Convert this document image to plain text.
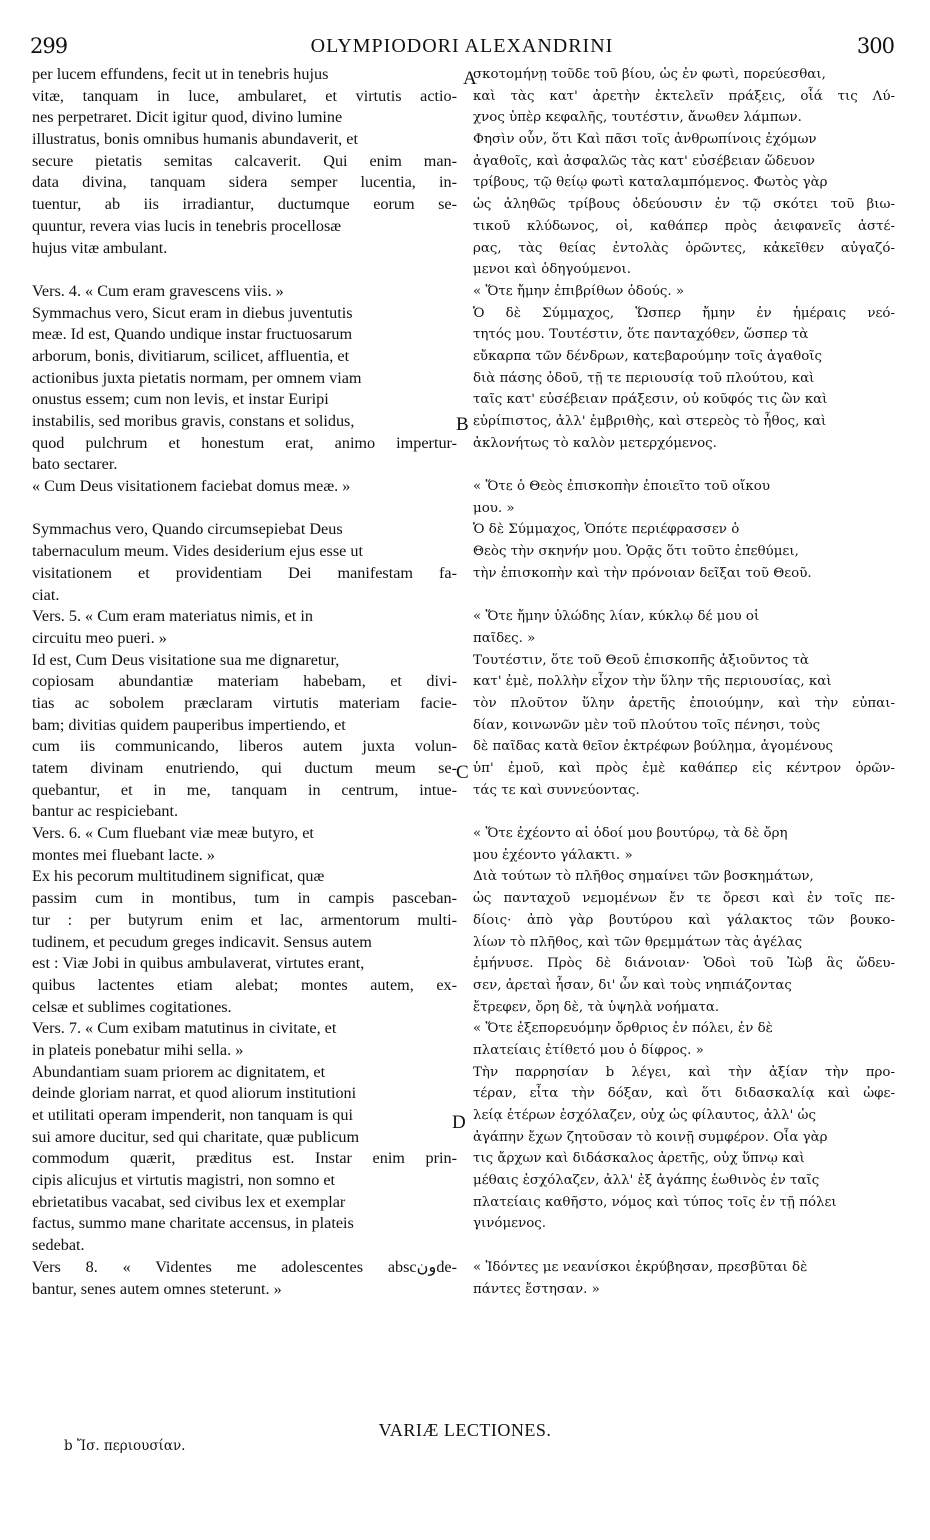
299	OLYMPIODORI ALEXANDRINI	300
per lucem effundens, fecit ut in tenebris hujus
vitæ, tanquam in luce, ambularet, et virtutis actio-
nes perpetraret. Dicit igitur quod, divino lumine
illustratus, bonis omnibus humanis abundaverit, et
secure pietatis semitas calcaverit. Qui enim man-
data divina, tanquam sidera semper lucentia, in-
tuentur, ab iis irradiantur, ductumque eorum se-
quuntur, revera vias lucis in tenebris procellosæ
hujus vitæ ambulant.
Vers. 4. « Cum eram gravescens viis. »
Symmachus vero, Sicut eram in diebus juventutis
meæ. Id est, Quando undique instar fructuosarum
arborum, bonis, divitiarum, scilicet, affluentia, et
actionibus juxta pietatis normam, per omnem viam
onustus essem; cum non levis, et instar Euripi
instabilis, sed moribus gravis, constans et solidus,
quod pulchrum et honestum erat, animo impertur-
bato sectarer.
« Cum Deus visitationem faciebat domus meæ. »
Symmachus vero, Quando circumsepiebat Deus
tabernaculum meum. Vides desiderium ejus esse ut
visitationem et providentiam Dei manifestam fa-
ciat.
Vers. 5. « Cum eram materiatus nimis, et in
circuitu meo pueri. »
Id est, Cum Deus visitatione sua me dignaretur,
copiosam abundantiæ materiam habebam, et divi-
tias ac sobolem præclaram virtutis materiam facie-
bam; divitias quidem pauperibus impertiendo, et
cum iis communicando, liberos autem juxta volun-
tatem divinam enutriendo, qui ductum meum se-
quebantur, et in me, tanquam in centrum, intue-
bantur ac respiciebant.
Vers. 6. « Cum fluebant viæ meæ butyro, et
montes mei fluebant lacte. »
Ex his pecorum multitudinem significat, quæ
passim cum in montibus, tum in campis pasceban-
tur : per butyrum enim et lac, armentorum multi-
tudinem, et pecudum greges indicavit. Sensus autem
est : Viæ Jobi in quibus ambulaverat, virtutes erant,
quibus lactentes etiam alebat; montes autem, ex-
celsæ et sublimes cogitationes.
Vers. 7. « Cum exibam matutinus in civitate, et
in plateis ponebatur mihi sella. »
Abundantiam suam priorem ac dignitatem, et
deinde gloriam narrat, et quod aliorum institutioni
et utilitati operam impenderit, non tanquam is qui
sui amore ducitur, sed qui charitate, quæ publicum
commodum quærit, præditus est. Instar enim prin-
cipis alicujus et virtutis magistri, non somno et
ebrietatibus vacabat, sed civibus lex et exemplar
factus, summo mane charitate accensus, in plateis
sedebat.
Vers 8. « Videntes me adolescentes abscونde-
bantur, senes autem omnes steterunt. »
σκοτομήνῃ τοῦδε τοῦ βίου, ὡς ἐν φωτὶ, πορεύεσθαι,
καὶ τὰς κατ' ἀρετὴν ἐκτελεῖν πράξεις, οἷά τις Λύ-
χνος ὑπὲρ κεφαλῆς, τουτέστιν, ἄνωθεν λάμπων.
Φησὶν οὖν, ὅτι Καὶ πᾶσι τοῖς ἀνθρωπίνοις ἐχόμων
ἀγαθοῖς, καὶ ἀσφαλῶς τὰς κατ' εὐσέβειαν ὥδευον
τρίβους, τῷ θείῳ φωτὶ καταλαμπόμενος. Φωτὸς γὰρ
ὡς ἀληθῶς τρίβους ὁδεύουσιν ἐν τῷ σκότει τοῦ βιω-
τικοῦ κλύδωνος, οἱ, καθάπερ πρὸς ἀειφανεῖς ἀστέ-
ρας, τὰς θείας ἐντολὰς ὁρῶντες, κἀκεῖθεν αὐγαζό-
μενοι καὶ ὁδηγούμενοι.
« Ὅτε ἤμην ἐπιβρίθων ὁδούς. »
Ὁ δὲ Σύμμαχος, Ὥσπερ ἤμην ἐν ἡμέραις νεό-
τητός μου. Τουτέστιν, ὅτε πανταχόθεν, ὥσπερ τὰ
εὔκαρπα τῶν δένδρων, κατεβαρούμην τοῖς ἀγαθοῖς
διὰ πάσης ὁδοῦ, τῇ τε περιουσίᾳ τοῦ πλούτου, καὶ
ταῖς κατ' εὐσέβειαν πράξεσιν, οὐ κοῦφός τις ὢν καὶ
εὐρίπιστος, ἀλλ' ἐμβριθὴς, καὶ στερεὸς τὸ ἦθος, καὶ
ἀκλονήτως τὸ καλὸν μετερχόμενος.
« Ὅτε ὁ Θεὸς ἐπισκοπὴν ἐποιεῖτο τοῦ οἴκου
μου. »
Ὁ δὲ Σύμμαχος, Ὁπότε περιέφρασσεν ὁ
Θεὸς τὴν σκηνήν μου. Ὁρᾷς ὅτι τοῦτο ἐπεθύμει,
τὴν ἐπισκοπὴν καὶ τὴν πρόνοιαν δεῖξαι τοῦ Θεοῦ.
« Ὅτε ἤμην ὑλώδης λίαν, κύκλῳ δέ μου οἱ
παῖδες. »
Τουτέστιν, ὅτε τοῦ Θεοῦ ἐπισκοπῆς ἀξιοῦντος τὰ
κατ' ἐμὲ, πολλὴν εἶχον τὴν ὕλην τῆς περιουσίας, καὶ
τὸν πλοῦτον ὕλην ἀρετῆς ἐποιούμην, καὶ τὴν εὐπαι-
δίαν, κοινωνῶν μὲν τοῦ πλούτου τοῖς πένησι, τοὺς
δὲ παῖδας κατὰ θεῖον ἐκτρέφων βούλημα, ἀγομένους
ὑπ' ἐμοῦ, καὶ πρὸς ἐμὲ καθάπερ εἰς κέντρον ὁρῶν-
τάς τε καὶ συννεύοντας.
« Ὅτε ἐχέοντο αἱ ὁδοί μου βουτύρῳ, τὰ δὲ ὄρη
μου ἐχέοντο γάλακτι. »
Διὰ τούτων τὸ πλῆθος σημαίνει τῶν βοσκημάτων,
ὡς πανταχοῦ νεμομένων ἔν τε ὄρεσι καὶ ἐν τοῖς πε-
δίοις· ἀπὸ γὰρ βουτύρου καὶ γάλακτος τῶν βουκο-
λίων τὸ πλῆθος, καὶ τῶν θρεμμάτων τὰς ἀγέλας
ἐμήνυσε. Πρὸς δὲ διάνοιαν· Ὁδοὶ τοῦ Ἰὼβ ἃς ὥδευ-
σεν, ἀρεταὶ ἦσαν, δι' ὧν καὶ τοὺς νηπιάζοντας
ἔτρεφεν, ὄρη δὲ, τὰ ὑψηλὰ νοήματα.
« Ὅτε ἐξεπορευόμην ὄρθριος ἐν πόλει, ἐν δὲ
πλατείαις ἐτίθετό μου ὁ δίφρος. »
Τὴν παρρησίαν b λέγει, καὶ τὴν ἀξίαν τὴν προ-
τέραν, εἶτα τὴν δόξαν, καὶ ὅτι διδασκαλίᾳ καὶ ὠφε-
λείᾳ ἑτέρων ἐσχόλαζεν, οὐχ ὡς φίλαυτος, ἀλλ' ὡς
ἀγάπην ἔχων ζητοῦσαν τὸ κοινῇ συμφέρον. Οἷα γὰρ
τις ἄρχων καὶ διδάσκαλος ἀρετῆς, οὐχ ὕπνῳ καὶ
μέθαις ἐσχόλαζεν, ἀλλ' ἐξ ἀγάπης ἑωθινὸς ἐν ταῖς
πλατείαις καθῆστο, νόμος καὶ τύπος τοῖς ἐν τῇ πόλει
γινόμενος.
« Ἰδόντες με νεανίσκοι ἐκρύβησαν, πρεσβῦται δὲ
πάντες ἔστησαν. »
A
B
C
D
VARIÆ LECTIONES.
b Ἴσ. περιουσίαν.
